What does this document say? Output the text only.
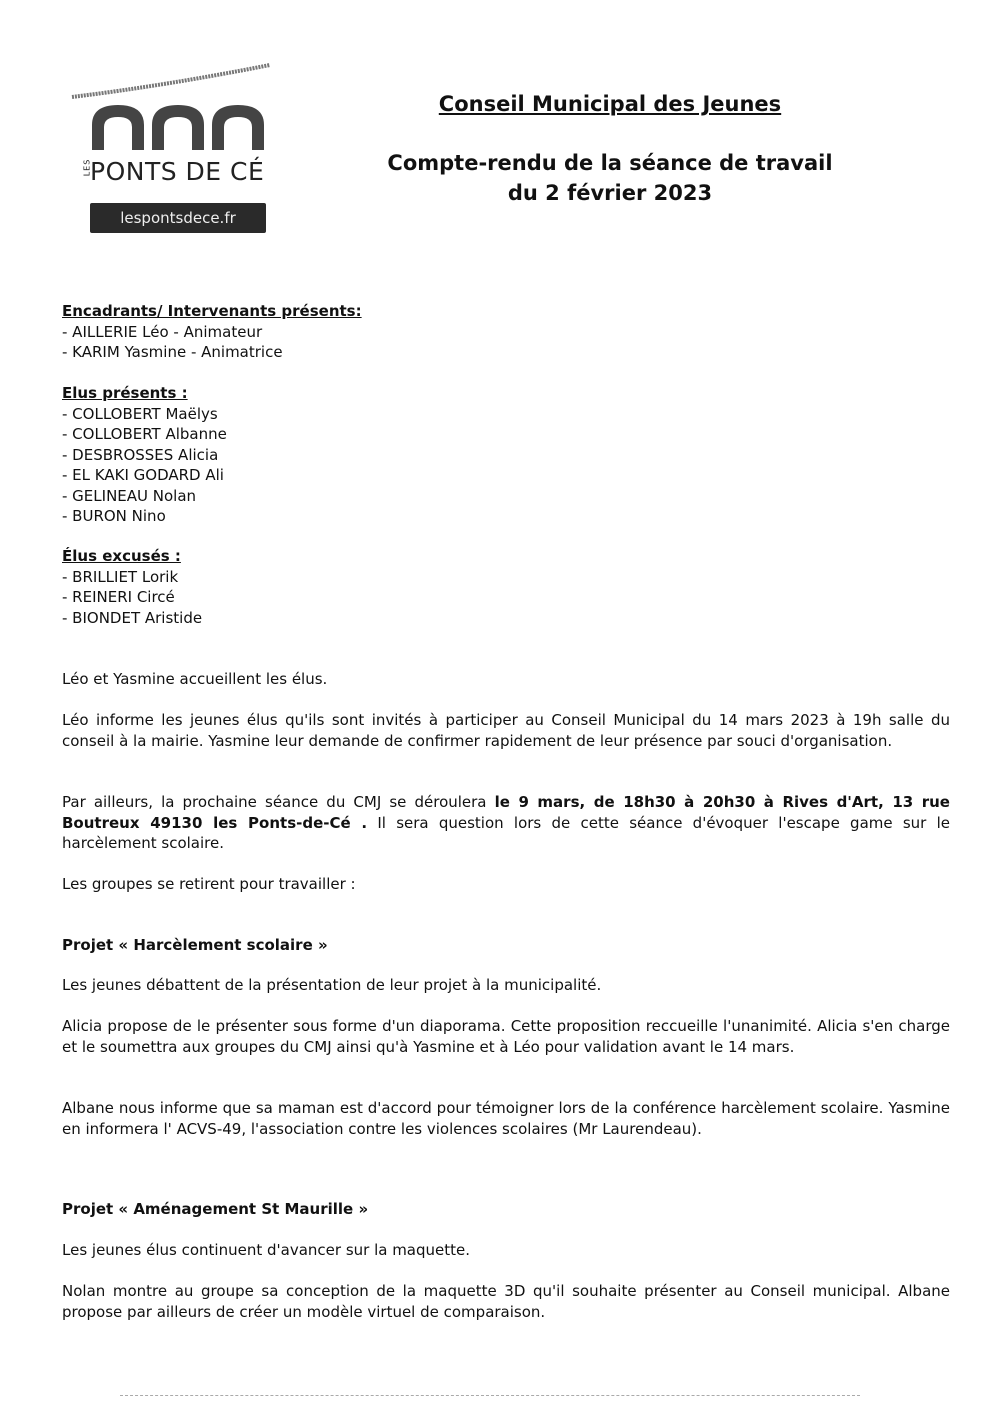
LES
PONTS DE CÉ
lespontsdece.fr
Conseil Municipal des Jeunes
Compte-rendu de la séance de travail
du 2 février 2023
Encadrants/ Intervenants présents:
- AILLERIE Léo - Animateur
- KARIM Yasmine - Animatrice
Elus présents :
- COLLOBERT Maëlys
- COLLOBERT Albanne
- DESBROSSES Alicia
- EL KAKI GODARD Ali
- GELINEAU Nolan
- BURON Nino
Élus excusés :
- BRILLIET Lorik
- REINERI Circé
- BIONDET Aristide
Léo et Yasmine accueillent les élus.
Léo informe les jeunes élus qu'ils sont invités à participer au Conseil Municipal du 14 mars 2023 à 19h salle du conseil à la mairie. Yasmine leur demande de confirmer rapidement de leur présence par souci d'organisation.
Par ailleurs, la prochaine séance du CMJ se déroulera le 9 mars, de 18h30 à 20h30 à Rives d'Art, 13 rue Boutreux 49130 les Ponts-de-Cé . Il sera question lors de cette séance d'évoquer l'escape game sur le harcèlement scolaire.
Les groupes se retirent pour travailler :
Projet « Harcèlement scolaire »
Les jeunes débattent de la présentation de leur projet à la municipalité.
Alicia propose de le présenter sous forme d'un diaporama. Cette proposition reccueille l'unanimité. Alicia s'en charge et le soumettra aux groupes du CMJ ainsi qu'à Yasmine et à Léo pour validation avant le 14 mars.
Albane nous informe que sa maman est d'accord pour témoigner lors de la conférence harcèlement scolaire. Yasmine en informera l' ACVS-49, l'association contre les violences scolaires (Mr Laurendeau).
Projet « Aménagement St Maurille »
Les jeunes élus continuent d'avancer sur la maquette.
Nolan montre au groupe sa conception de la maquette 3D qu'il souhaite présenter au Conseil municipal. Albane propose par ailleurs de créer un modèle virtuel de comparaison.
